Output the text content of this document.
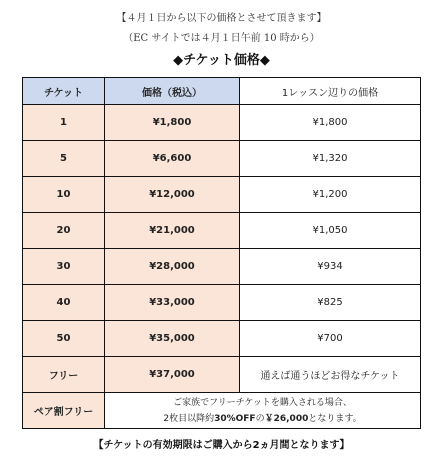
【４月１日から以下の価格とさせて頂きます】
（EC サイトでは４月１日午前 10 時から）
◆チケット価格◆
チケット	価格（税込）	1レッスン辺りの価格
1	¥1,800	¥1,800
5	¥6,600	¥1,320
10	¥12,000	¥1,200
20	¥21,000	¥1,050
30	¥28,000	¥934
40	¥33,000	¥825
50	¥35,000	¥700
フリー	¥37,000	通えば通うほどお得なチケット
ペア割フリー	ご家族でフリーチケットを購入される場合、
2枚目以降約30%OFFの￥26,000となります。	
【チケットの有効期限はご購入から2ヵ月間となります】
